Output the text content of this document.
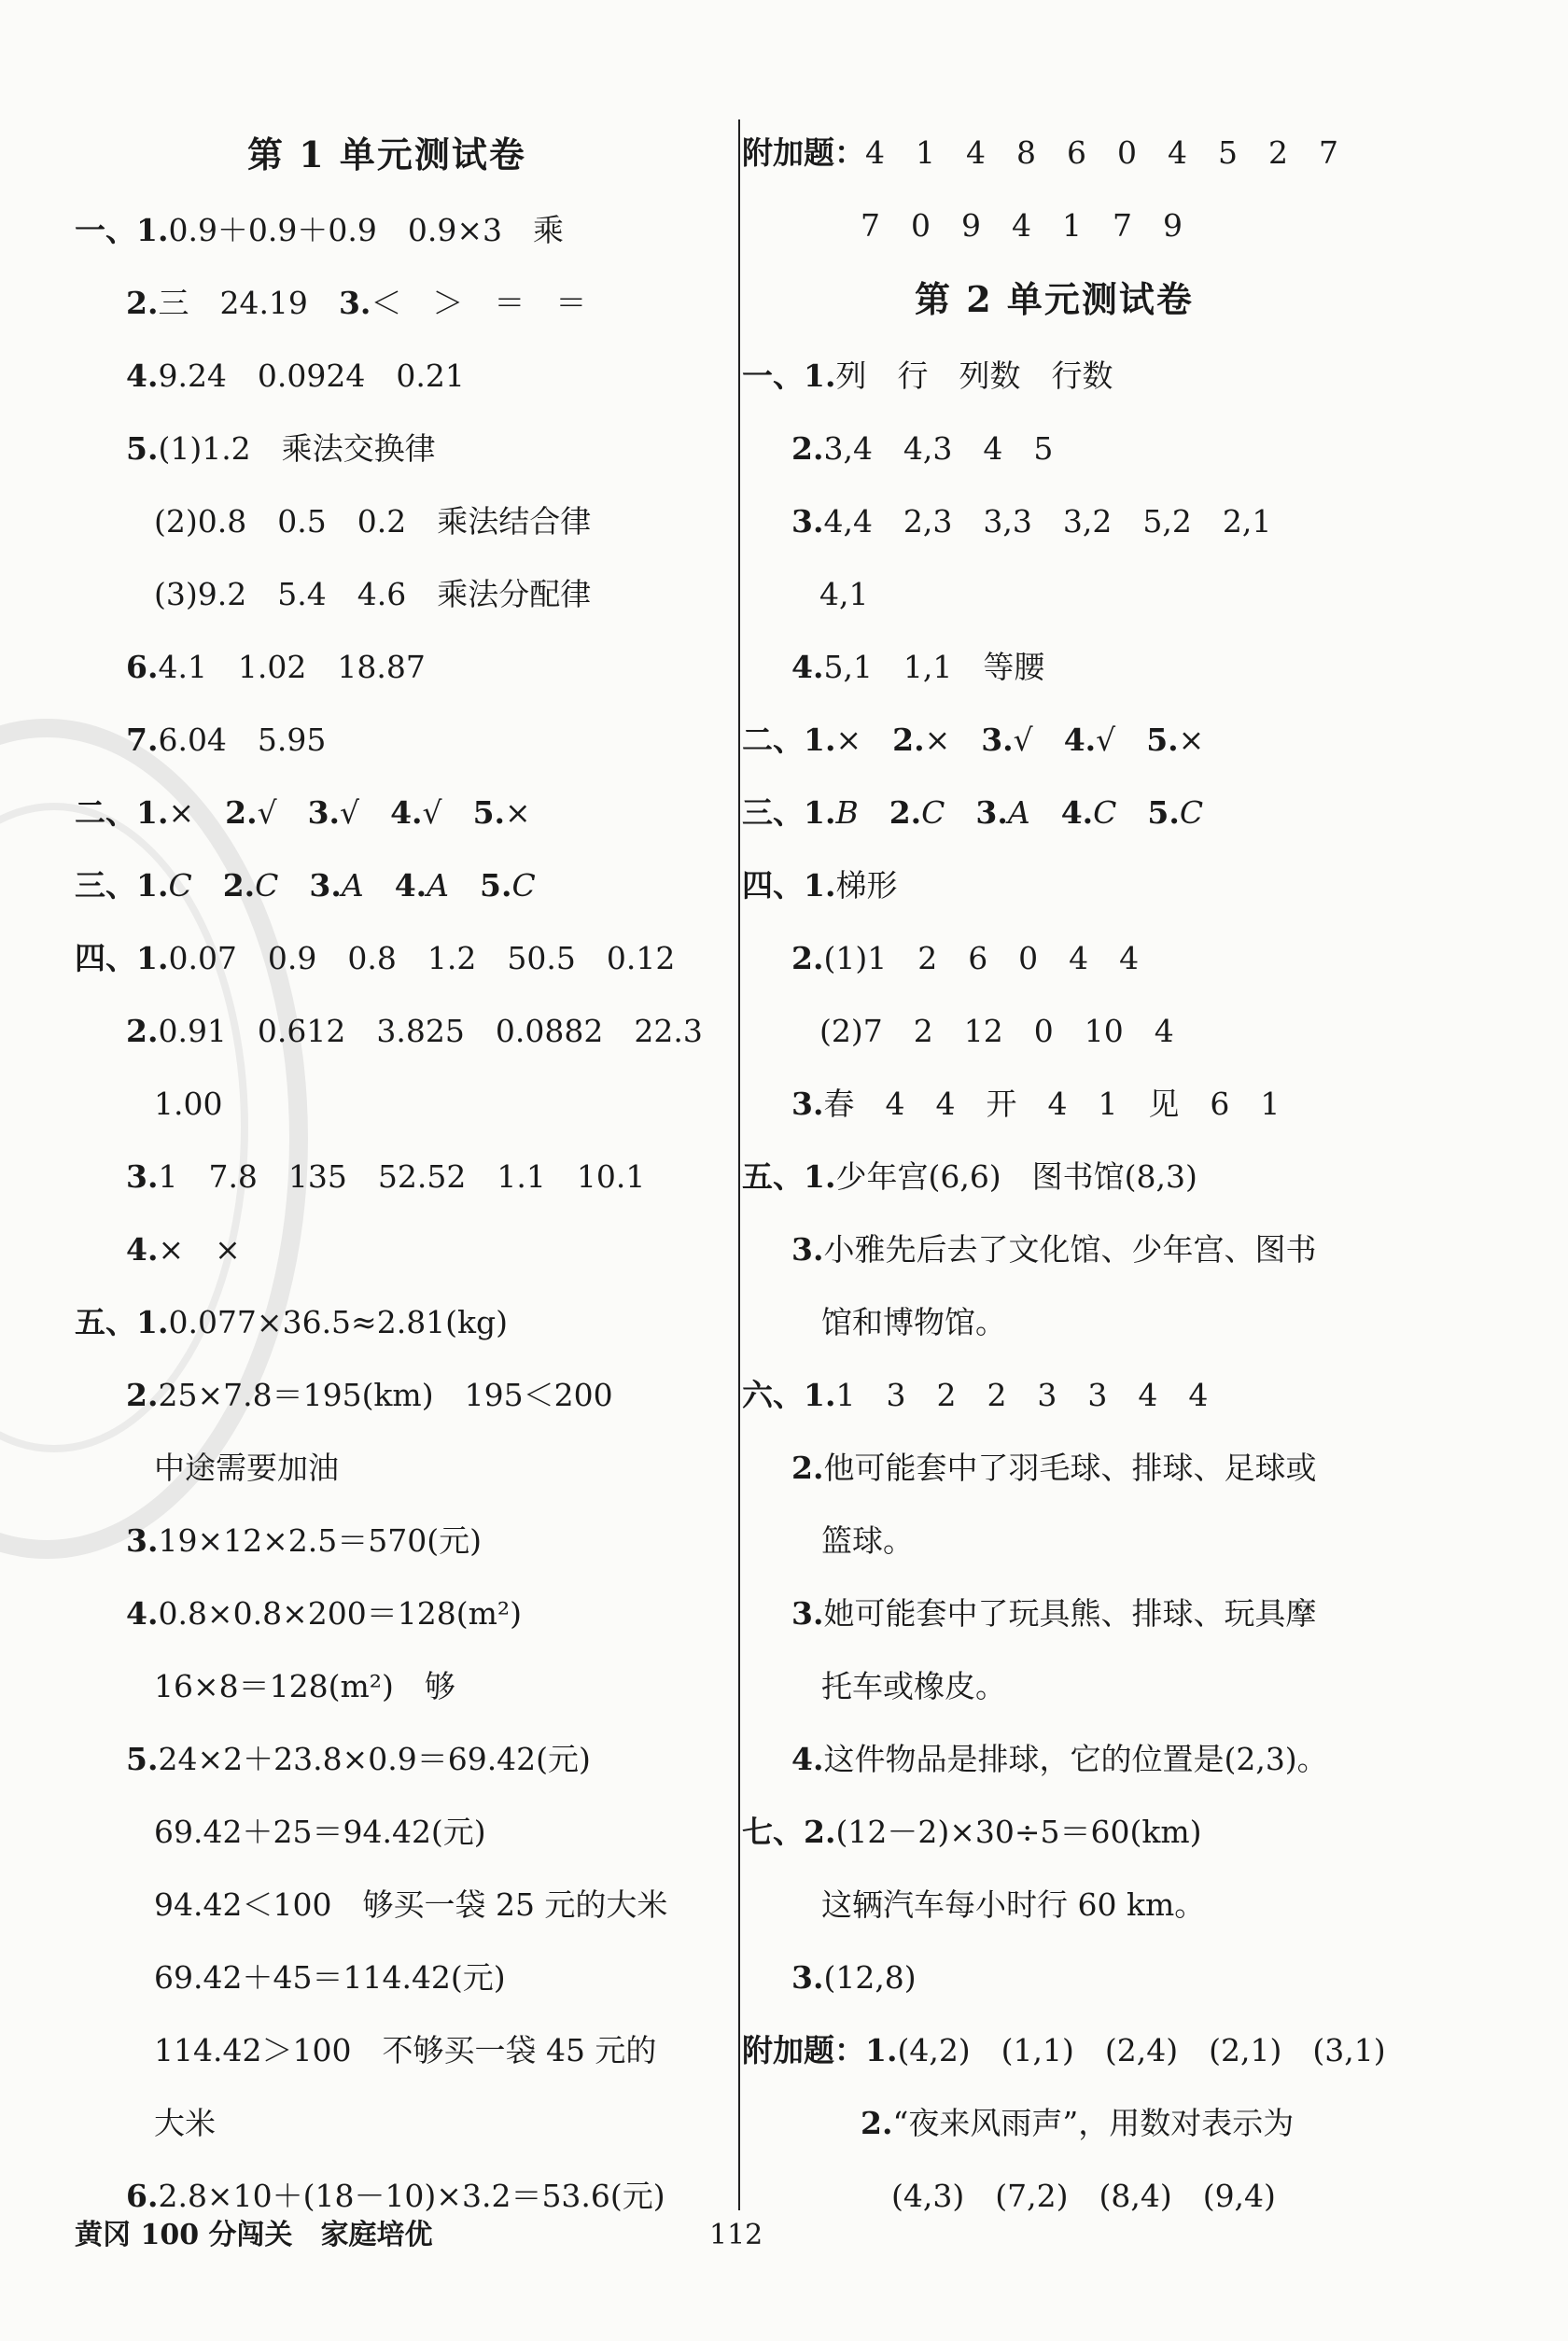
第 1 单元测试卷
一、1.0.9＋0.9＋0.9　0.9×3　乘
2.三　24.19　3.＜　＞　＝　＝
4.9.24　0.0924　0.21
5.(1)1.2　乘法交换律
(2)0.8　0.5　0.2　乘法结合律
(3)9.2　5.4　4.6　乘法分配律
6.4.1　1.02　18.87
7.6.04　5.95
二、1.×　2.√　3.√　4.√　5.×
三、1.C　2.C　3.A　4.A　5.C
四、1.0.07　0.9　0.8　1.2　50.5　0.12
2.0.91　0.612　3.825　0.0882　22.3
1.00
3.1　7.8　135　52.52　1.1　10.1
4.×　×
五、1.0.077×36.5≈2.81(kg)
2.25×7.8＝195(km)　195＜200
中途需要加油
3.19×12×2.5＝570(元)
4.0.8×0.8×200＝128(m²)
16×8＝128(m²)　够
5.24×2＋23.8×0.9＝69.42(元)
69.42＋25＝94.42(元)
94.42＜100　够买一袋 25 元的大米
69.42＋45＝114.42(元)
114.42＞100　不够买一袋 45 元的
大米
6.2.8×10＋(18－10)×3.2＝53.6(元)
附加题：4　1　4　8　6　0　4　5　2　7
7　0　9　4　1　7　9
第 2 单元测试卷
一、1.列　行　列数　行数
2.3,4　4,3　4　5
3.4,4　2,3　3,3　3,2　5,2　2,1
4,1
4.5,1　1,1　等腰
二、1.×　2.×　3.√　4.√　5.×
三、1.B　2.C　3.A　4.C　5.C
四、1.梯形
2.(1)1　2　6　0　4　4
(2)7　2　12　0　10　4
3.春　4　4　开　4　1　见　6　1
五、1.少年宫(6,6)　图书馆(8,3)
3.小雅先后去了文化馆、少年宫、图书
馆和博物馆。
六、1.1　3　2　2　3　3　4　4
2.他可能套中了羽毛球、排球、足球或
篮球。
3.她可能套中了玩具熊、排球、玩具摩
托车或橡皮。
4.这件物品是排球，它的位置是(2,3)。
七、2.(12－2)×30÷5＝60(km)
这辆汽车每小时行 60 km。
3.(12,8)
附加题：1.(4,2)　(1,1)　(2,4)　(2,1)　(3,1)
2.“夜来风雨声”，用数对表示为
(4,3)　(7,2)　(8,4)　(9,4)
黄冈 100 分闯关　家庭培优	112
